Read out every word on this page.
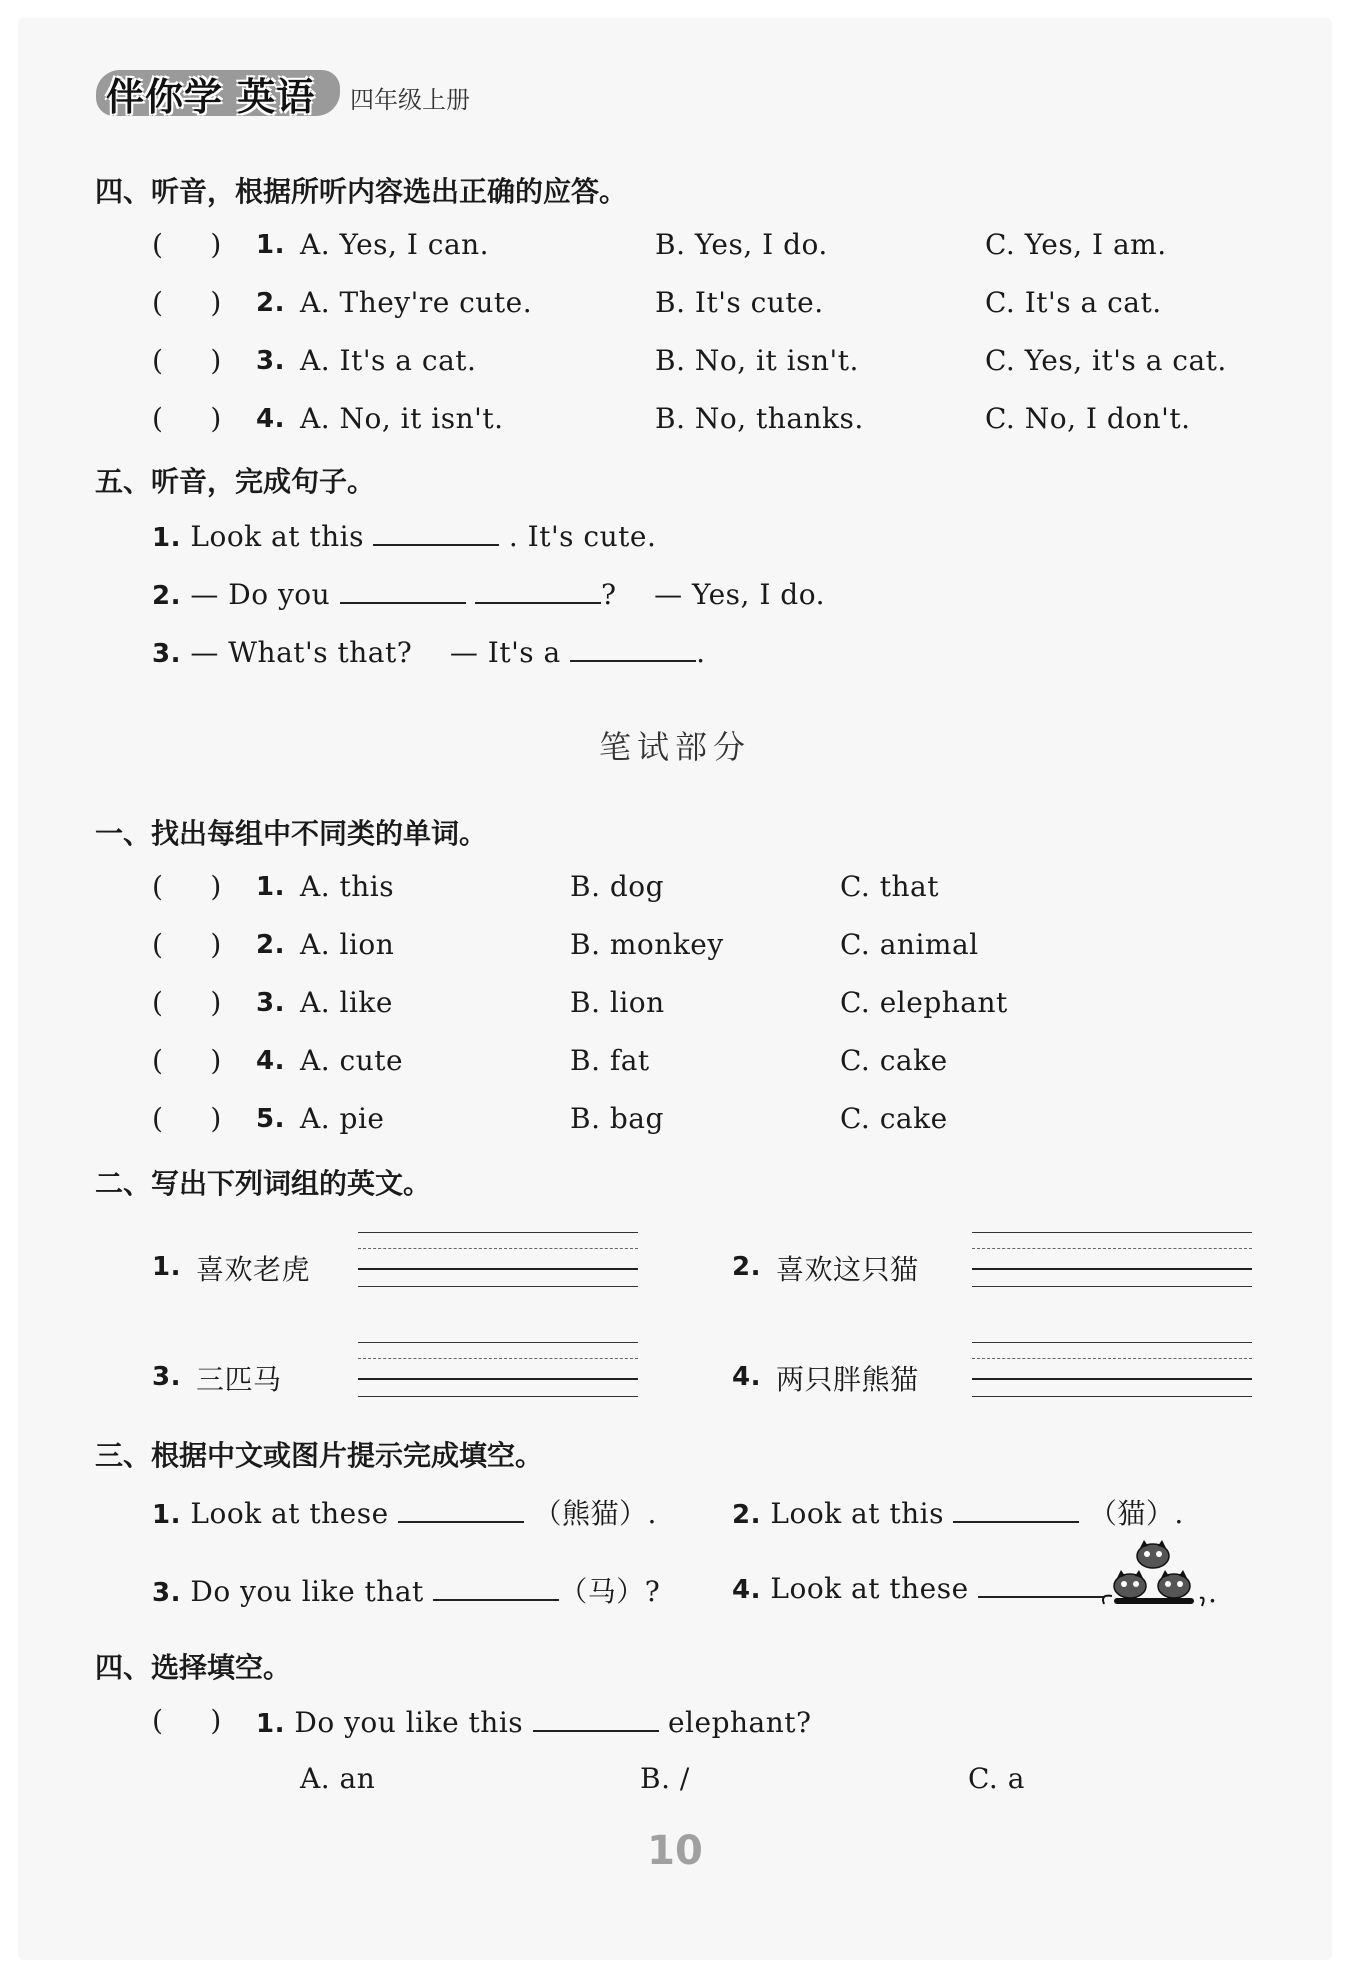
伴你学 英语 四年级上册
四、听音，根据所听内容选出正确的应答。
(     ) 1. A. Yes, I can.	B. Yes, I do.	C. Yes, I am.
(     ) 2. A. They're cute.	B. It's cute.	C. It's a cat.
(     ) 3. A. It's a cat.	B. No, it isn't.	C. Yes, it's a cat.
(     ) 4. A. No, it isn't.	B. No, thanks.	C. No, I don't.
五、听音，完成句子。
1. Look at this	. It's cute.
2. — Do you	? — Yes, I do.
3. — What's that? — It's a	.
笔试部分
一、找出每组中不同类的单词。
(     ) 1. A. this	B. dog	C. that
(     ) 2. A. lion	B. monkey	C. animal
(     ) 3. A. like	B. lion	C. elephant
(     ) 4. A. cute	B. fat	C. cake
(     ) 5. A. pie	B. bag	C. cake
二、写出下列词组的英文。
1. 喜欢老虎	2. 喜欢这只猫
3. 三匹马	4. 两只胖熊猫
三、根据中文或图片提示完成填空。
1. Look at these	（熊猫）.	2. Look at this	（猫）.
3. Do you like that	（马）?	4. Look at these	.
四、选择填空。
(     ) 1. Do you like this	elephant?
A. an	B. /	C. a
10
